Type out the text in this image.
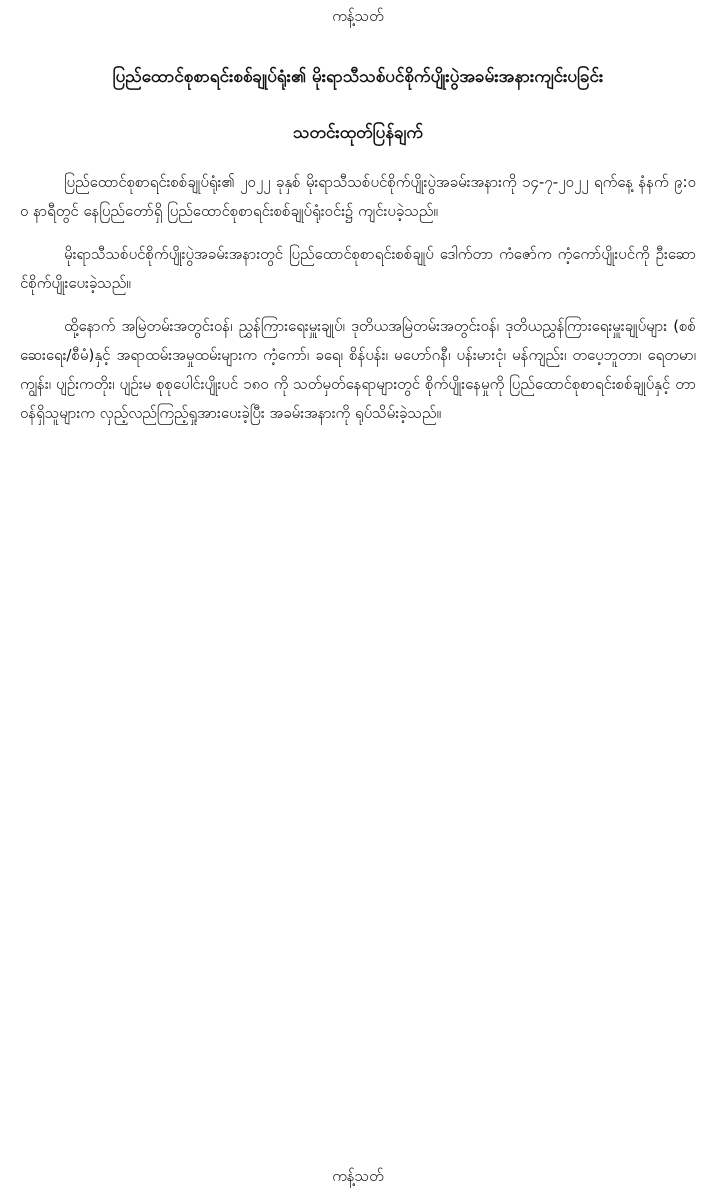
ကန့်သတ်
ပြည်ထောင်စုစာရင်းစစ်ချုပ်ရုံး၏ မိုးရာသီသစ်ပင်စိုက်ပျိုးပွဲအခမ်းအနားကျင်းပခြင်း
သတင်းထုတ်ပြန်ချက်

ပြည်ထောင်စုစာရင်းစစ်ချုပ်ရုံး၏ ၂၀၂၂ ခုနှစ် မိုးရာသီသစ်ပင်စိုက်ပျိုးပွဲအခမ်းအနားကို ၁၄-၇-၂၀၂၂ ရက်နေ့ နံနက် ၉:၀၀ နာရီတွင် နေပြည်တော်ရှိ ပြည်ထောင်စုစာရင်းစစ်ချုပ်ရုံးဝင်း၌ ကျင်းပခဲ့သည်။

မိုးရာသီသစ်ပင်စိုက်ပျိုးပွဲအခမ်းအနားတွင် ပြည်ထောင်စုစာရင်းစစ်ချုပ် ဒေါက်တာ ကံဇော်က ကံ့ကော်ပျိုးပင်ကို ဦးဆောင်စိုက်ပျိုးပေးခဲ့သည်။

ထို့နောက် အမြဲတမ်းအတွင်းဝန်၊ ညွှန်ကြားရေးမှူးချုပ်၊ ဒုတိယအမြဲတမ်းအတွင်းဝန်၊ ဒုတိယညွှန်ကြားရေးမှူးချုပ်များ (စစ်ဆေးရေး/စီမံ)နှင့် အရာထမ်းအမှုထမ်းများက ကံ့ကော်၊ ခရေ၊ စိန်ပန်း၊ မဟော်ဂနီ၊ ပန်းမားငုံ၊ မန်ကျည်း၊ တပေ့ဘူတာ၊ ရေတမာ၊ ကျွန်း၊ ပျဉ်းကတိုး၊ ပျဉ်းမ စုစုပေါင်းပျိုးပင် ၁၈၀ ကို သတ်မှတ်နေရာများတွင် စိုက်ပျိုးနေမှုကို ပြည်ထောင်စုစာရင်းစစ်ချုပ်နှင့် တာဝန်ရှိသူများက လှည့်လည်ကြည့်ရှုအားပေးခဲ့ပြီး အခမ်းအနားကို ရုပ်သိမ်းခဲ့သည်။

ကန့်သတ်
